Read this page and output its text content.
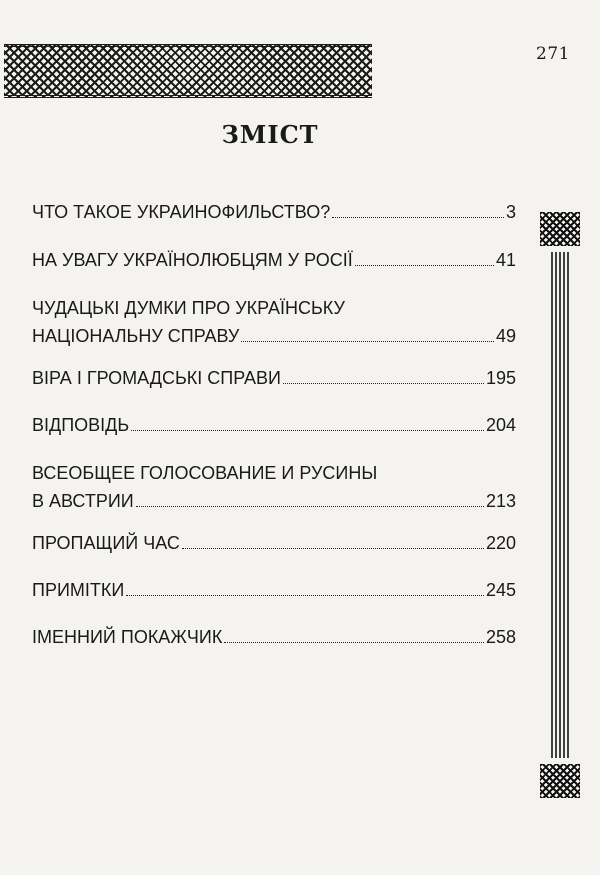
271
ЗМІСТ
ЧТО ТАКОЕ УКРАИНОФИЛЬСТВО?	3
НА УВАГУ УКРАЇНОЛЮБЦЯМ У РОСІЇ	41
ЧУДАЦЬКІ ДУМКИ ПРО УКРАЇНСЬКУ
НАЦІОНАЛЬНУ СПРАВУ	49
ВІРА І ГРОМАДСЬКІ СПРАВИ	195
ВІДПОВІДЬ	204
ВСЕОБЩЕЕ ГОЛОСОВАНИЕ И РУСИНЫ
В АВСТРИИ	213
ПРОПАЩИЙ ЧАС	220
ПРИМІТКИ	245
ІМЕННИЙ ПОКАЖЧИК	258
